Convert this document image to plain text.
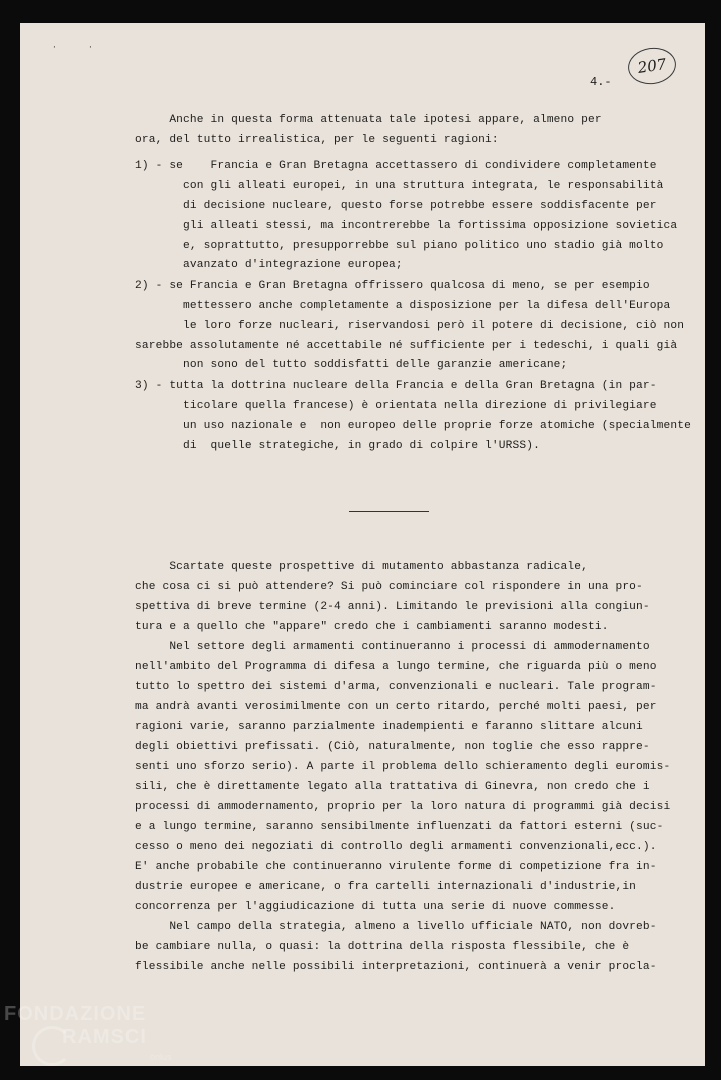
·	·
4.-
207
Anche in questa forma attenuata tale ipotesi appare, almeno per
ora, del tutto irrealistica, per le seguenti ragioni:
1) - se    Francia e Gran Bretagna accettassero di condividere completamente
con gli alleati europei, in una struttura integrata, le responsabilità
di decisione nucleare, questo forse potrebbe essere soddisfacente per
gli alleati stessi, ma incontrerebbe la fortissima opposizione sovietica
e, soprattutto, presupporrebbe sul piano politico uno stadio già molto
avanzato d'integrazione europea;
2) - se Francia e Gran Bretagna offrissero qualcosa di meno, se per esempio
mettessero anche completamente a disposizione per la difesa dell'Europa
le loro forze nucleari, riservandosi però il potere di decisione, ciò non
sarebbe assolutamente né accettabile né sufficiente per i tedeschi, i quali già
non sono del tutto soddisfatti delle garanzie americane;
3) - tutta la dottrina nucleare della Francia e della Gran Bretagna (in par-
ticolare quella francese) è orientata nella direzione di privilegiare
un uso nazionale e  non europeo delle proprie forze atomiche (specialmente
di  quelle strategiche, in grado di colpire l'URSS).
Scartate queste prospettive di mutamento abbastanza radicale,
che cosa ci si può attendere? Si può cominciare col rispondere in una pro-
spettiva di breve termine (2-4 anni). Limitando le previsioni alla congiun-
tura e a quello che "appare" credo che i cambiamenti saranno modesti.
Nel settore degli armamenti continueranno i processi di ammodernamento
nell'ambito del Programma di difesa a lungo termine, che riguarda più o meno
tutto lo spettro dei sistemi d'arma, convenzionali e nucleari. Tale program-
ma andrà avanti verosimilmente con un certo ritardo, perché molti paesi, per
ragioni varie, saranno parzialmente inadempienti e faranno slittare alcuni
degli obiettivi prefissati. (Ciò, naturalmente, non toglie che esso rappre-
senti uno sforzo serio). A parte il problema dello schieramento degli euromis-
sili, che è direttamente legato alla trattativa di Ginevra, non credo che i
processi di ammodernamento, proprio per la loro natura di programmi già decisi
e a lungo termine, saranno sensibilmente influenzati da fattori esterni (suc-
cesso o meno dei negoziati di controllo degli armamenti convenzionali,ecc.).
E' anche probabile che continueranno virulente forme di competizione fra in-
dustrie europee e americane, o fra cartelli internazionali d'industrie,in
concorrenza per l'aggiudicazione di tutta una serie di nuove commesse.
Nel campo della strategia, almeno a livello ufficiale NATO, non dovreb-
be cambiare nulla, o quasi: la dottrina della risposta flessibile, che è
flessibile anche nelle possibili interpretazioni, continuerà a venir procla-
FONDAZIONE
RAMSCI
onlus
